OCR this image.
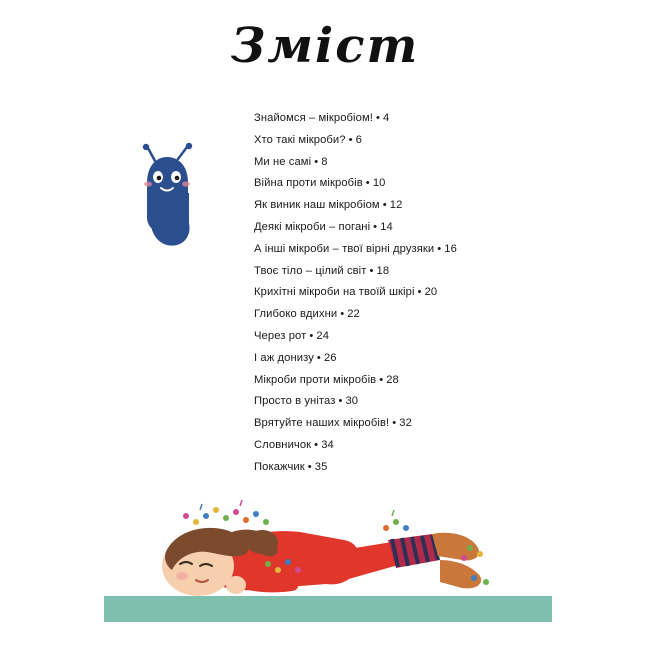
Зміст
Знайомся – мікробіом! • 4
Хто такі мікроби? • 6
Ми не самі • 8
Війна проти мікробів • 10
Як виник наш мікробіом • 12
Деякі мікроби – погані • 14
А інші мікроби – твої вірні друзяки • 16
Твоє тіло – цілий світ • 18
Крихітні мікроби на твоїй шкірі • 20
Глибоко вдихни • 22
Через рот • 24
І аж донизу • 26
Мікроби проти мікробів • 28
Просто в унітаз • 30
Врятуйте наших мікробів! • 32
Словничок • 34
Покажчик • 35
